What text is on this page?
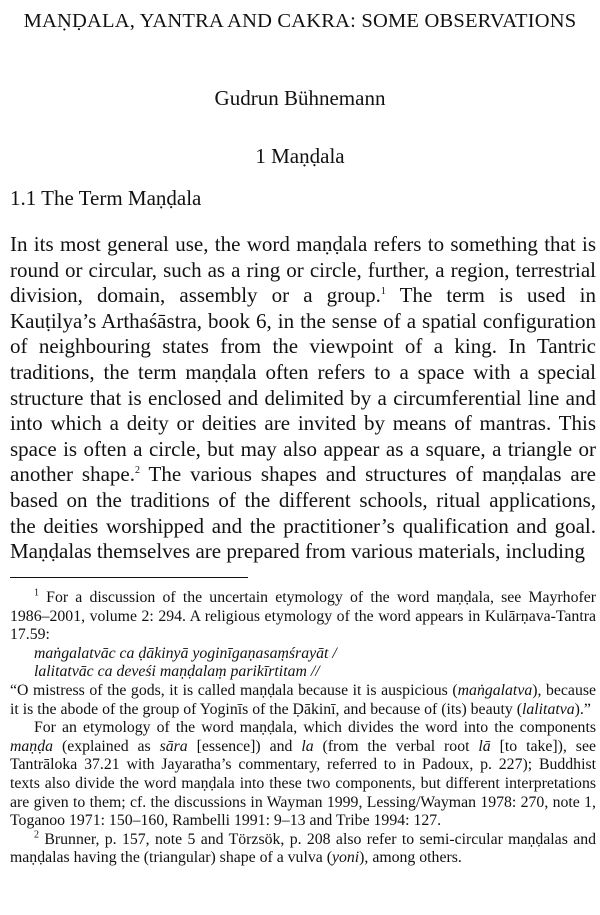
MAṆḌALA, YANTRA AND CAKRA: SOME OBSERVATIONS
Gudrun Bühnemann
1 Maṇḍala
1.1 The Term Maṇḍala

In its most general use, the word maṇḍala refers to something that is round or circular, such as a ring or circle, further, a region, terrestrial division, domain, assembly or a group.$^1$ The term is used in Kauṭilya’s Arthaśāstra, book 6, in the sense of a spatial configuration of neighbouring states from the viewpoint of a king. In Tantric traditions, the term maṇḍala often refers to a space with a special structure that is enclosed and delimited by a circumferential line and into which a deity or deities are invited by means of mantras. This space is often a circle, but may also appear as a square, a triangle or another shape.$^2$ The various shapes and structures of maṇḍalas are based on the traditions of the different schools, ritual applications, the deities worshipped and the practitioner’s qualification and goal. Maṇḍalas themselves are prepared from various materials, including

$^1$ For a discussion of the uncertain etymology of the word maṇḍala, see Mayrhofer 1986–2001, volume 2: 294. A religious etymology of the word appears in Kulārṇava-Tantra 17.59:

maṅgalatvāc ca ḍākinyā yoginīgaṇasaṃśrayāt /

lalitatvāc ca deveśi maṇḍalaṃ parikīrtitam //

“O mistress of the gods, it is called maṇḍala because it is auspicious (maṅgalatva), because it is the abode of the group of Yoginīs of the Ḍākinī, and because of (its) beauty (lalitatva).”

For an etymology of the word maṇḍala, which divides the word into the components maṇḍa (explained as sāra [essence]) and la (from the verbal root lā [to take]), see Tantrāloka 37.21 with Jayaratha’s commentary, referred to in Padoux, p. 227); Buddhist texts also divide the word maṇḍala into these two components, but different interpretations are given to them; cf. the discussions in Wayman 1999, Lessing/Wayman 1978: 270, note 1, Toganoo 1971: 150–160, Rambelli 1991: 9–13 and Tribe 1994: 127.

$^2$ Brunner, p. 157, note 5 and Törzsök, p. 208 also refer to semi-circular maṇḍalas and maṇḍalas having the (triangular) shape of a vulva (yoni), among others.
